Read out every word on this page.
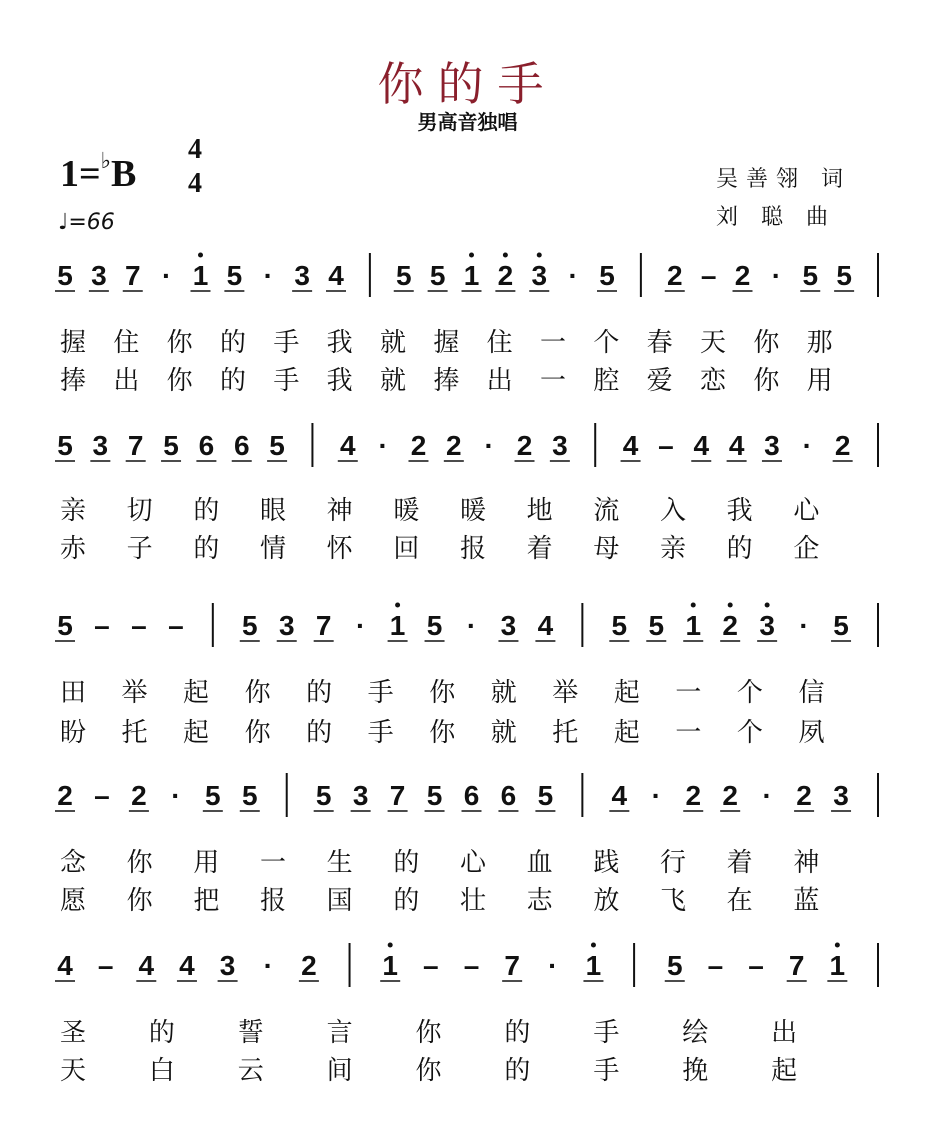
你的手
男高音独唱
1=♭B
4
4
♩=66
吴善翎 词
刘 聪 曲
5 3 7 · 1 5 · 3 4 5 5 1 2 3 · 5 2 – 2 · 5 5
5 3 7 5 6 6 5 4 · 2 2 · 2 3 4 – 4 4 3 · 2
5 – – – 5 3 7 · 1 5 · 3 4 5 5 1 2 3 · 5
2 – 2 · 5 5 5 3 7 5 6 6 5 4 · 2 2 · 2 3
4 – 4 4 3 · 2 1 – – 7 · 1 5 – – 7 1
握 住 你 的 手 我 就 握 住 一 个 春 天 你 那
捧 出 你 的 手 我 就 捧 出 一 腔 爱 恋 你 用
亲 切 的 眼 神 暖 暖 地 流 入 我 心
赤 子 的 情 怀 回 报 着 母 亲 的 企
田 举 起 你 的 手 你 就 举 起 一 个 信
盼 托 起 你 的 手 你 就 托 起 一 个 夙
念 你 用 一 生 的 心 血 践 行 着 神
愿 你 把 报 国 的 壮 志 放 飞 在 蓝
圣 的 誓 言 你 的 手 绘 出
天 白 云 间 你 的 手 挽 起
